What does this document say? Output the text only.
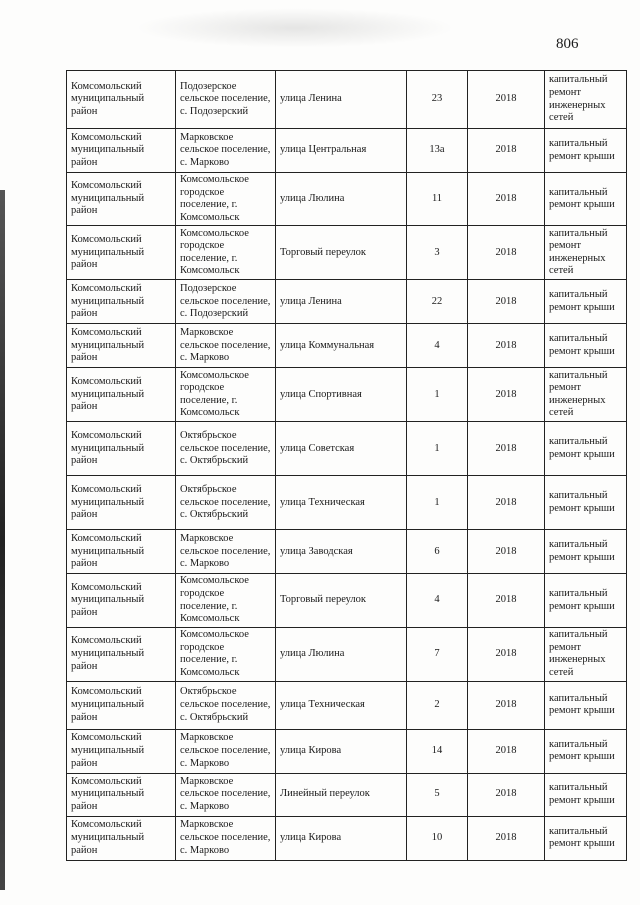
806
Комсомольский муниципальный район	Подозерское сельское поселение, с. Подозерский	улица Ленина	23	2018	капитальный ремонт инженерных сетей
Комсомольский муниципальный район	Марковское сельское поселение, с. Марково	улица Центральная	13а	2018	капитальный ремонт крыши
Комсомольский муниципальный район	Комсомольское городское поселение, г. Комсомольск	улица Люлина	11	2018	капитальный ремонт крыши
Комсомольский муниципальный район	Комсомольское городское поселение, г. Комсомольск	Торговый переулок	3	2018	капитальный ремонт инженерных сетей
Комсомольский муниципальный район	Подозерское сельское поселение, с. Подозерский	улица Ленина	22	2018	капитальный ремонт крыши
Комсомольский муниципальный район	Марковское сельское поселение, с. Марково	улица Коммунальная	4	2018	капитальный ремонт крыши
Комсомольский муниципальный район	Комсомольское городское поселение, г. Комсомольск	улица Спортивная	1	2018	капитальный ремонт инженерных сетей
Комсомольский муниципальный район	Октябрьское сельское поселение, с. Октябрьский	улица Советская	1	2018	капитальный ремонт крыши
Комсомольский муниципальный район	Октябрьское сельское поселение, с. Октябрьский	улица Техническая	1	2018	капитальный ремонт крыши
Комсомольский муниципальный район	Марковское сельское поселение, с. Марково	улица Заводская	6	2018	капитальный ремонт крыши
Комсомольский муниципальный район	Комсомольское городское поселение, г. Комсомольск	Торговый переулок	4	2018	капитальный ремонт крыши
Комсомольский муниципальный район	Комсомольское городское поселение, г. Комсомольск	улица Люлина	7	2018	капитальный ремонт инженерных сетей
Комсомольский муниципальный район	Октябрьское сельское поселение, с. Октябрьский	улица Техническая	2	2018	капитальный ремонт крыши
Комсомольский муниципальный район	Марковское сельское поселение, с. Марково	улица Кирова	14	2018	капитальный ремонт крыши
Комсомольский муниципальный район	Марковское сельское поселение, с. Марково	Линейный переулок	5	2018	капитальный ремонт крыши
Комсомольский муниципальный район	Марковское сельское поселение, с. Марково	улица Кирова	10	2018	капитальный ремонт крыши
